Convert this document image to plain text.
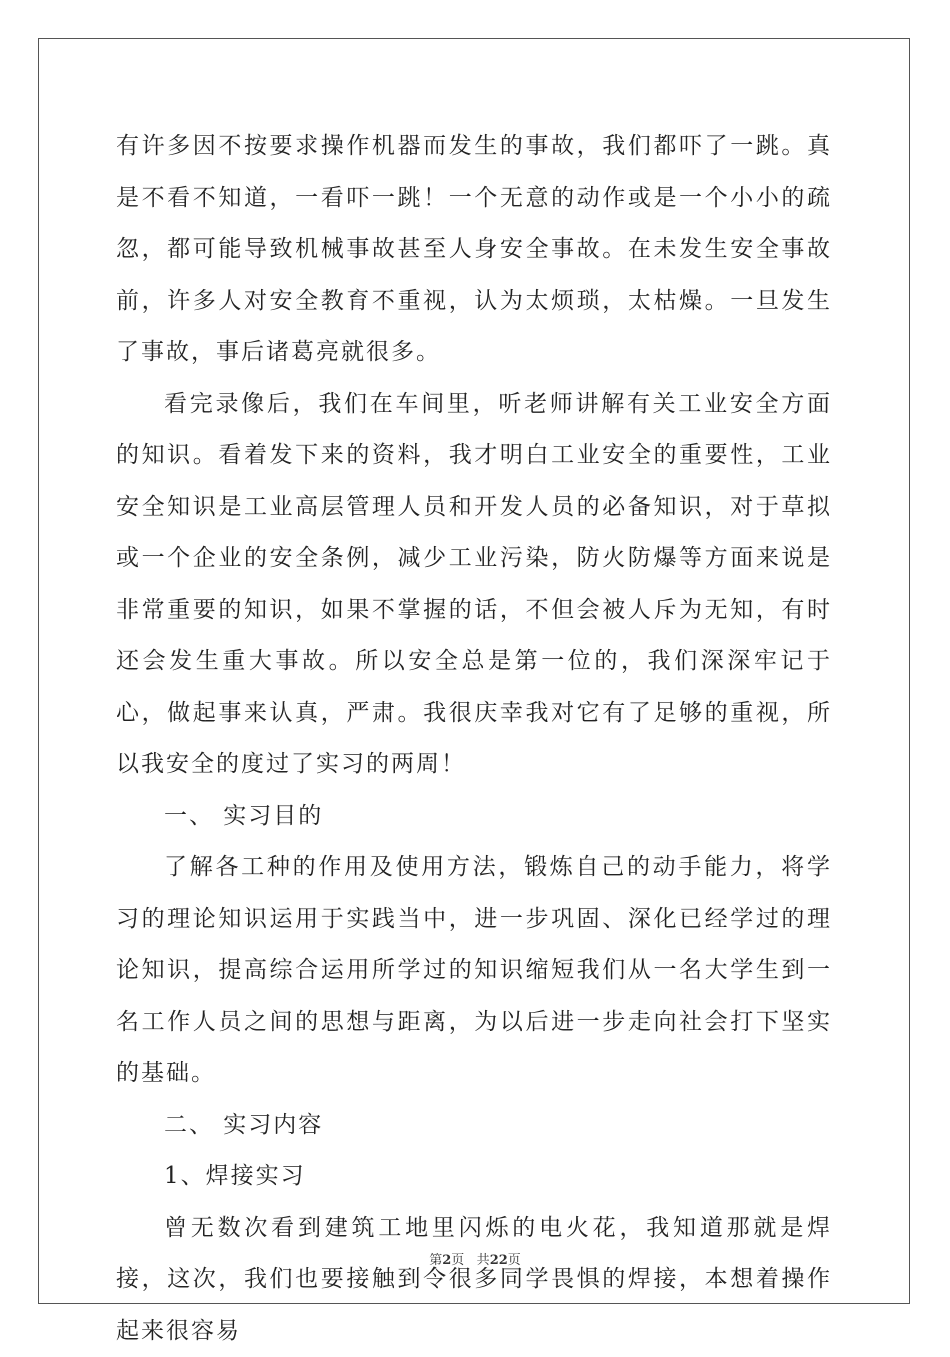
有许多因不按要求操作机器而发生的事故，我们都吓了一跳。真是不看不知道，一看吓一跳！一个无意的动作或是一个小小的疏忽，都可能导致机械事故甚至人身安全事故。在未发生安全事故前，许多人对安全教育不重视，认为太烦琐，太枯燥。一旦发生了事故，事后诸葛亮就很多。

看完录像后，我们在车间里，听老师讲解有关工业安全方面的知识。看着发下来的资料，我才明白工业安全的重要性，工业安全知识是工业高层管理人员和开发人员的必备知识，对于草拟或一个企业的安全条例，减少工业污染，防火防爆等方面来说是非常重要的知识，如果不掌握的话，不但会被人斥为无知，有时还会发生重大事故。所以安全总是第一位的，我们深深牢记于心，做起事来认真，严肃。我很庆幸我对它有了足够的重视，所以我安全的度过了实习的两周！

一、 实习目的

了解各工种的作用及使用方法，锻炼自己的动手能力，将学习的理论知识运用于实践当中，进一步巩固、深化已经学过的理论知识，提高综合运用所学过的知识缩短我们从一名大学生到一名工作人员之间的思想与距离，为以后进一步走向社会打下坚实的基础。

二、 实习内容

1、焊接实习

曾无数次看到建筑工地里闪烁的电火花，我知道那就是焊接，这次，我们也要接触到令很多同学畏惧的焊接，本想着操作起来很容易

第2页 共22页
